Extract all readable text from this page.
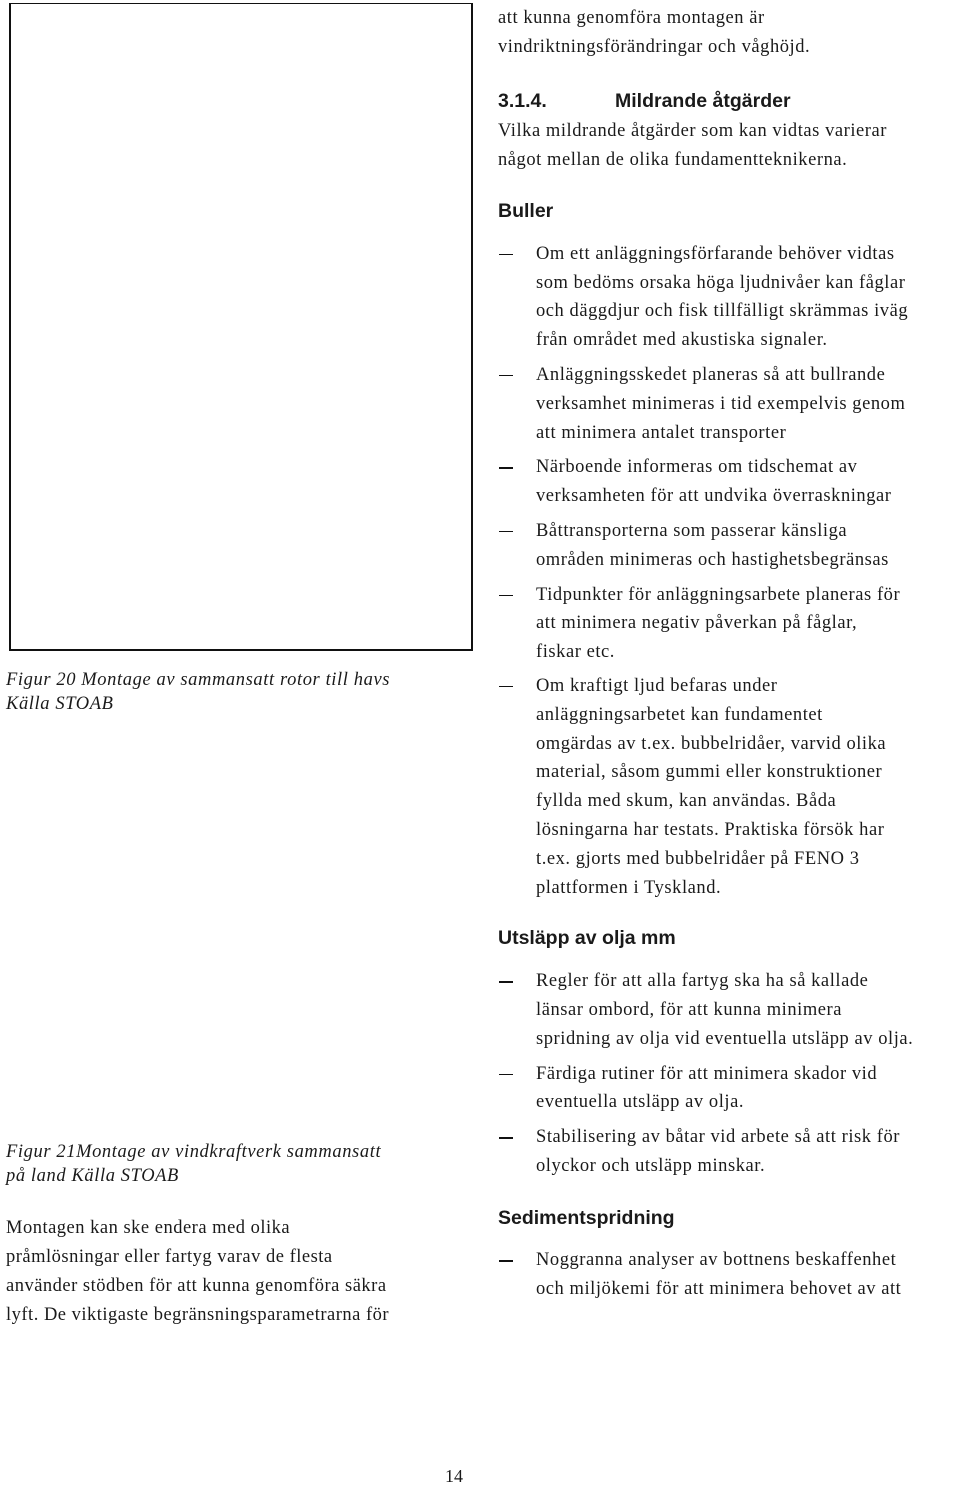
Figur 20 Montage av sammansatt rotor till havs
Källa STOAB
Figur 21Montage av vindkraftverk sammansatt
på land Källa STOAB
Montagen kan ske endera med olika
pråmlösningar eller fartyg varav de flesta
använder stödben för att kunna genomföra säkra
lyft. De viktigaste begränsningsparametrarna för

att kunna genomföra montagen är
vindriktningsförändringar och våghöjd.

3.1.4.	Mildrande åtgärder

Vilka mildrande åtgärder som kan vidtas varierar
något mellan de olika fundamentteknikerna.

Buller
Om ett anläggningsförfarande behöver vidtas
som bedöms orsaka höga ljudnivåer kan fåglar
och däggdjur och fisk tillfälligt skrämmas iväg
från området med akustiska signaler.
Anläggningsskedet planeras så att bullrande
verksamhet minimeras i tid exempelvis genom
att minimera antalet transporter
Närboende informeras om tidschemat av
verksamheten för att undvika överraskningar
Båttransporterna som passerar känsliga
områden minimeras och hastighetsbegränsas
Tidpunkter för anläggningsarbete planeras för
att minimera negativ påverkan på fåglar,
fiskar etc.
Om kraftigt ljud befaras under
anläggningsarbetet kan fundamentet
omgärdas av t.ex. bubbelridåer, varvid olika
material, såsom gummi eller konstruktioner
fyllda med skum, kan användas. Båda
lösningarna har testats. Praktiska försök har
t.ex. gjorts med bubbelridåer på FENO 3
plattformen i Tyskland.
Utsläpp av olja mm
Regler för att alla fartyg ska ha så kallade
länsar ombord, för att kunna minimera
spridning av olja vid eventuella utsläpp av olja.
Färdiga rutiner för att minimera skador vid
eventuella utsläpp av olja.
Stabilisering av båtar vid arbete så att risk för
olyckor och utsläpp minskar.
Sedimentspridning
Noggranna analyser av bottnens beskaffenhet
och miljökemi för att minimera behovet av att
14
